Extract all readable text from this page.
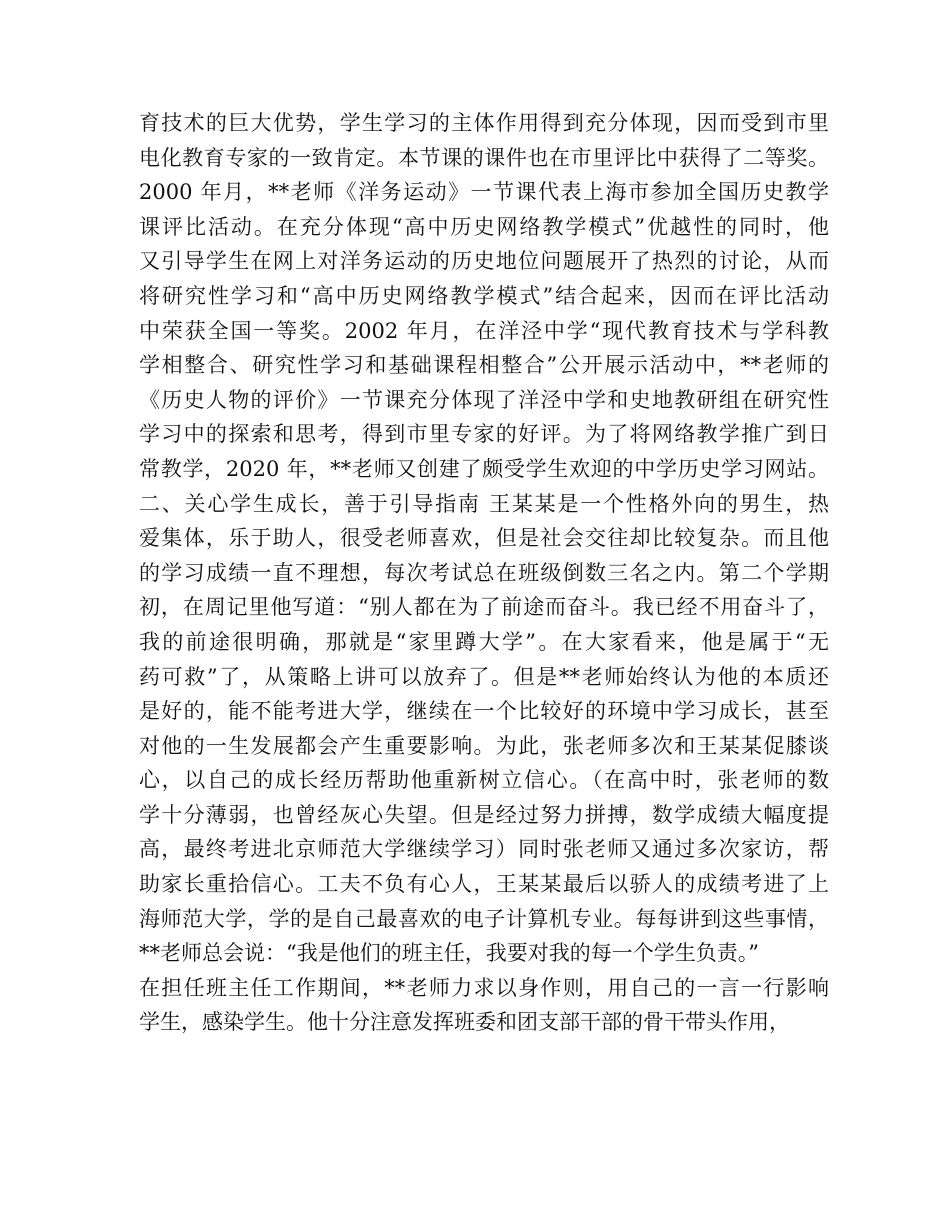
育技术的巨大优势，学生学习的主体作用得到充分体现，因而受到市里
电化教育专家的一致肯定。本节课的课件也在市里评比中获得了二等奖。
2000 年月，**老师《洋务运动》一节课代表上海市参加全国历史教学
课评比活动。在充分体现“高中历史网络教学模式”优越性的同时，他
又引导学生在网上对洋务运动的历史地位问题展开了热烈的讨论，从而
将研究性学习和“高中历史网络教学模式”结合起来，因而在评比活动
中荣获全国一等奖。2002 年月，在洋泾中学“现代教育技术与学科教
学相整合、研究性学习和基础课程相整合”公开展示活动中，**老师的
《历史人物的评价》一节课充分体现了洋泾中学和史地教研组在研究性
学习中的探索和思考，得到市里专家的好评。为了将网络教学推广到日
常教学，2020 年，**老师又创建了颇受学生欢迎的中学历史学习网站。
二、关心学生成长，善于引导指南 王某某是一个性格外向的男生，热
爱集体，乐于助人，很受老师喜欢，但是社会交往却比较复杂。而且他
的学习成绩一直不理想，每次考试总在班级倒数三名之内。第二个学期
初，在周记里他写道：“别人都在为了前途而奋斗。我已经不用奋斗了，
我的前途很明确，那就是“家里蹲大学”。在大家看来，他是属于“无
药可救”了，从策略上讲可以放弃了。但是**老师始终认为他的本质还
是好的，能不能考进大学，继续在一个比较好的环境中学习成长，甚至
对他的一生发展都会产生重要影响。为此，张老师多次和王某某促膝谈
心，以自己的成长经历帮助他重新树立信心。（在高中时，张老师的数
学十分薄弱，也曾经灰心失望。但是经过努力拼搏，数学成绩大幅度提
高，最终考进北京师范大学继续学习）同时张老师又通过多次家访，帮
助家长重拾信心。工夫不负有心人，王某某最后以骄人的成绩考进了上
海师范大学，学的是自己最喜欢的电子计算机专业。每每讲到这些事情，
**老师总会说：“我是他们的班主任，我要对我的每一个学生负责。”
在担任班主任工作期间，**老师力求以身作则，用自己的一言一行影响
学生，感染学生。他十分注意发挥班委和团支部干部的骨干带头作用，
